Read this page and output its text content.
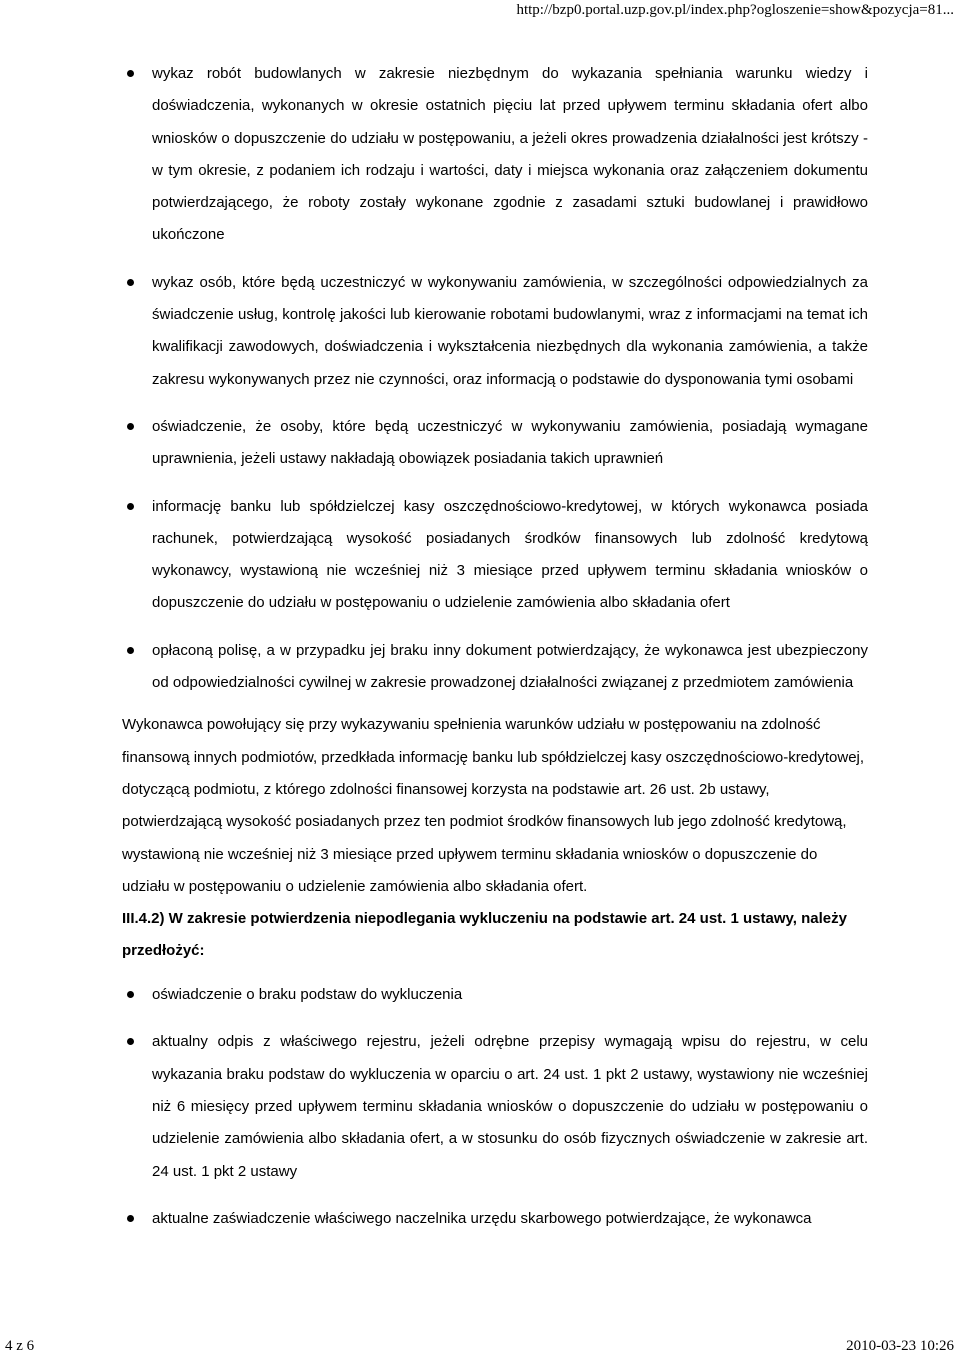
http://bzp0.portal.uzp.gov.pl/index.php?ogloszenie=show&pozycja=81...
wykaz robót budowlanych w zakresie niezbędnym do wykazania spełniania warunku wiedzy i doświadczenia, wykonanych w okresie ostatnich pięciu lat przed upływem terminu składania ofert albo wniosków o dopuszczenie do udziału w postępowaniu, a jeżeli okres prowadzenia działalności jest krótszy - w tym okresie, z podaniem ich rodzaju i wartości, daty i miejsca wykonania oraz załączeniem dokumentu potwierdzającego, że roboty zostały wykonane zgodnie z zasadami sztuki budowlanej i prawidłowo ukończone
wykaz osób, które będą uczestniczyć w wykonywaniu zamówienia, w szczególności odpowiedzialnych za świadczenie usług, kontrolę jakości lub kierowanie robotami budowlanymi, wraz z informacjami na temat ich kwalifikacji zawodowych, doświadczenia i wykształcenia niezbędnych dla wykonania zamówienia, a także zakresu wykonywanych przez nie czynności, oraz informacją o podstawie do dysponowania tymi osobami
oświadczenie, że osoby, które będą uczestniczyć w wykonywaniu zamówienia, posiadają wymagane uprawnienia, jeżeli ustawy nakładają obowiązek posiadania takich uprawnień
informację banku lub spółdzielczej kasy oszczędnościowo-kredytowej, w których wykonawca posiada rachunek, potwierdzającą wysokość posiadanych środków finansowych lub zdolność kredytową wykonawcy, wystawioną nie wcześniej niż 3 miesiące przed upływem terminu składania wniosków o dopuszczenie do udziału w postępowaniu o udzielenie zamówienia albo składania ofert
opłaconą polisę, a w przypadku jej braku inny dokument potwierdzający, że wykonawca jest ubezpieczony od odpowiedzialności cywilnej w zakresie prowadzonej działalności związanej z przedmiotem zamówienia

Wykonawca powołujący się przy wykazywaniu spełnienia warunków udziału w postępowaniu na zdolność finansową innych podmiotów, przedkłada informację banku lub spółdzielczej kasy oszczędnościowo-kredytowej, dotyczącą podmiotu, z którego zdolności finansowej korzysta na podstawie art. 26 ust. 2b ustawy, potwierdzającą wysokość posiadanych przez ten podmiot środków finansowych lub jego zdolność kredytową, wystawioną nie wcześniej niż 3 miesiące przed upływem terminu składania wniosków o dopuszczenie do udziału w postępowaniu o udzielenie zamówienia albo składania ofert.

III.4.2) W zakresie potwierdzenia niepodlegania wykluczeniu na podstawie art. 24 ust. 1 ustawy, należy przedłożyć:

oświadczenie o braku podstaw do wykluczenia
aktualny odpis z właściwego rejestru, jeżeli odrębne przepisy wymagają wpisu do rejestru, w celu wykazania braku podstaw do wykluczenia w oparciu o art. 24 ust. 1 pkt 2 ustawy, wystawiony nie wcześniej niż 6 miesięcy przed upływem terminu składania wniosków o dopuszczenie do udziału w postępowaniu o udzielenie zamówienia albo składania ofert, a w stosunku do osób fizycznych oświadczenie w zakresie art. 24 ust. 1 pkt 2 ustawy
aktualne zaświadczenie właściwego naczelnika urzędu skarbowego potwierdzające, że wykonawca
4 z 6	2010-03-23 10:26
